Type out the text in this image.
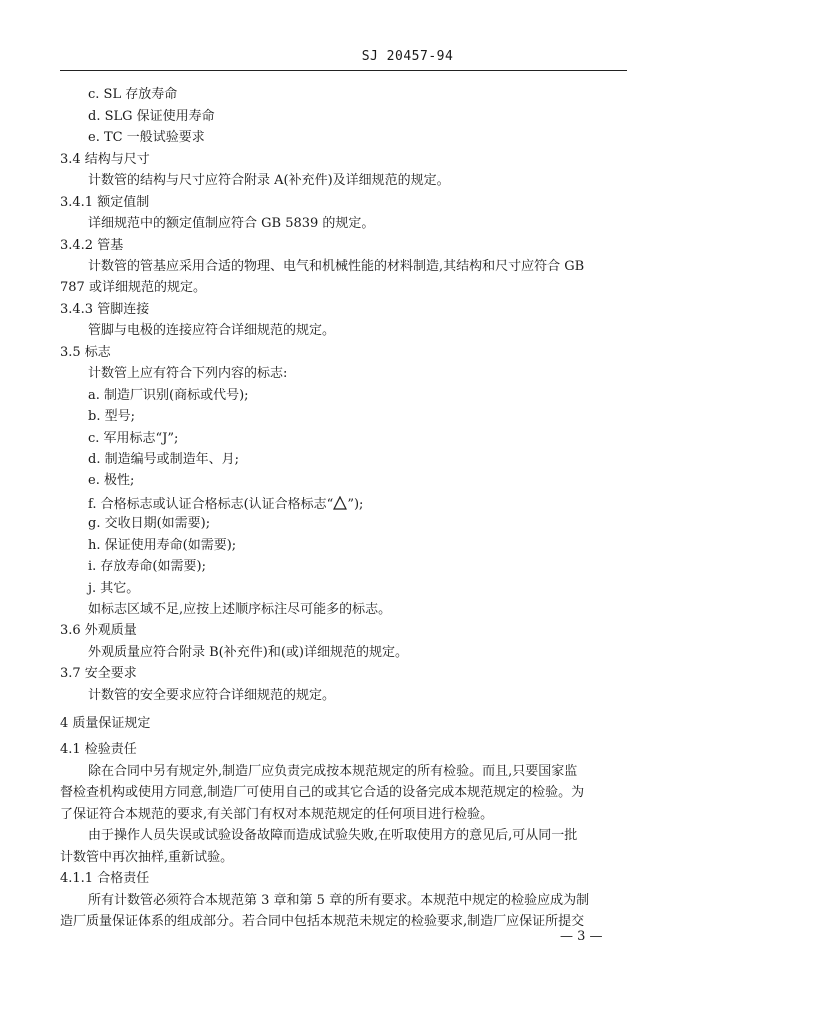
SJ 20457-94
c. SL 存放寿命
d. SLG 保证使用寿命
e. TC 一般试验要求
3.4 结构与尺寸
计数管的结构与尺寸应符合附录 A(补充件)及详细规范的规定。
3.4.1 额定值制
详细规范中的额定值制应符合 GB 5839 的规定。
3.4.2 管基
计数管的管基应采用合适的物理、电气和机械性能的材料制造,其结构和尺寸应符合 GB
787 或详细规范的规定。
3.4.3 管脚连接
管脚与电极的连接应符合详细规范的规定。
3.5 标志
计数管上应有符合下列内容的标志:
a. 制造厂识别(商标或代号);
b. 型号;
c. 军用标志“J”;
d. 制造编号或制造年、月;
e. 极性;
f. 合格标志或认证合格标志(认证合格标志“ ”);
g. 交收日期(如需要);
h. 保证使用寿命(如需要);
i. 存放寿命(如需要);
j. 其它。
如标志区域不足,应按上述顺序标注尽可能多的标志。
3.6 外观质量
外观质量应符合附录 B(补充件)和(或)详细规范的规定。
3.7 安全要求
计数管的安全要求应符合详细规范的规定。
4 质量保证规定
4.1 检验责任
除在合同中另有规定外,制造厂应负责完成按本规范规定的所有检验。而且,只要国家监
督检查机构或使用方同意,制造厂可使用自己的或其它合适的设备完成本规范规定的检验。为
了保证符合本规范的要求,有关部门有权对本规范规定的任何项目进行检验。
由于操作人员失误或试验设备故障而造成试验失败,在听取使用方的意见后,可从同一批
计数管中再次抽样,重新试验。
4.1.1 合格责任
所有计数管必须符合本规范第 3 章和第 5 章的所有要求。本规范中规定的检验应成为制
造厂质量保证体系的组成部分。若合同中包括本规范未规定的检验要求,制造厂应保证所提交
— 3 —
